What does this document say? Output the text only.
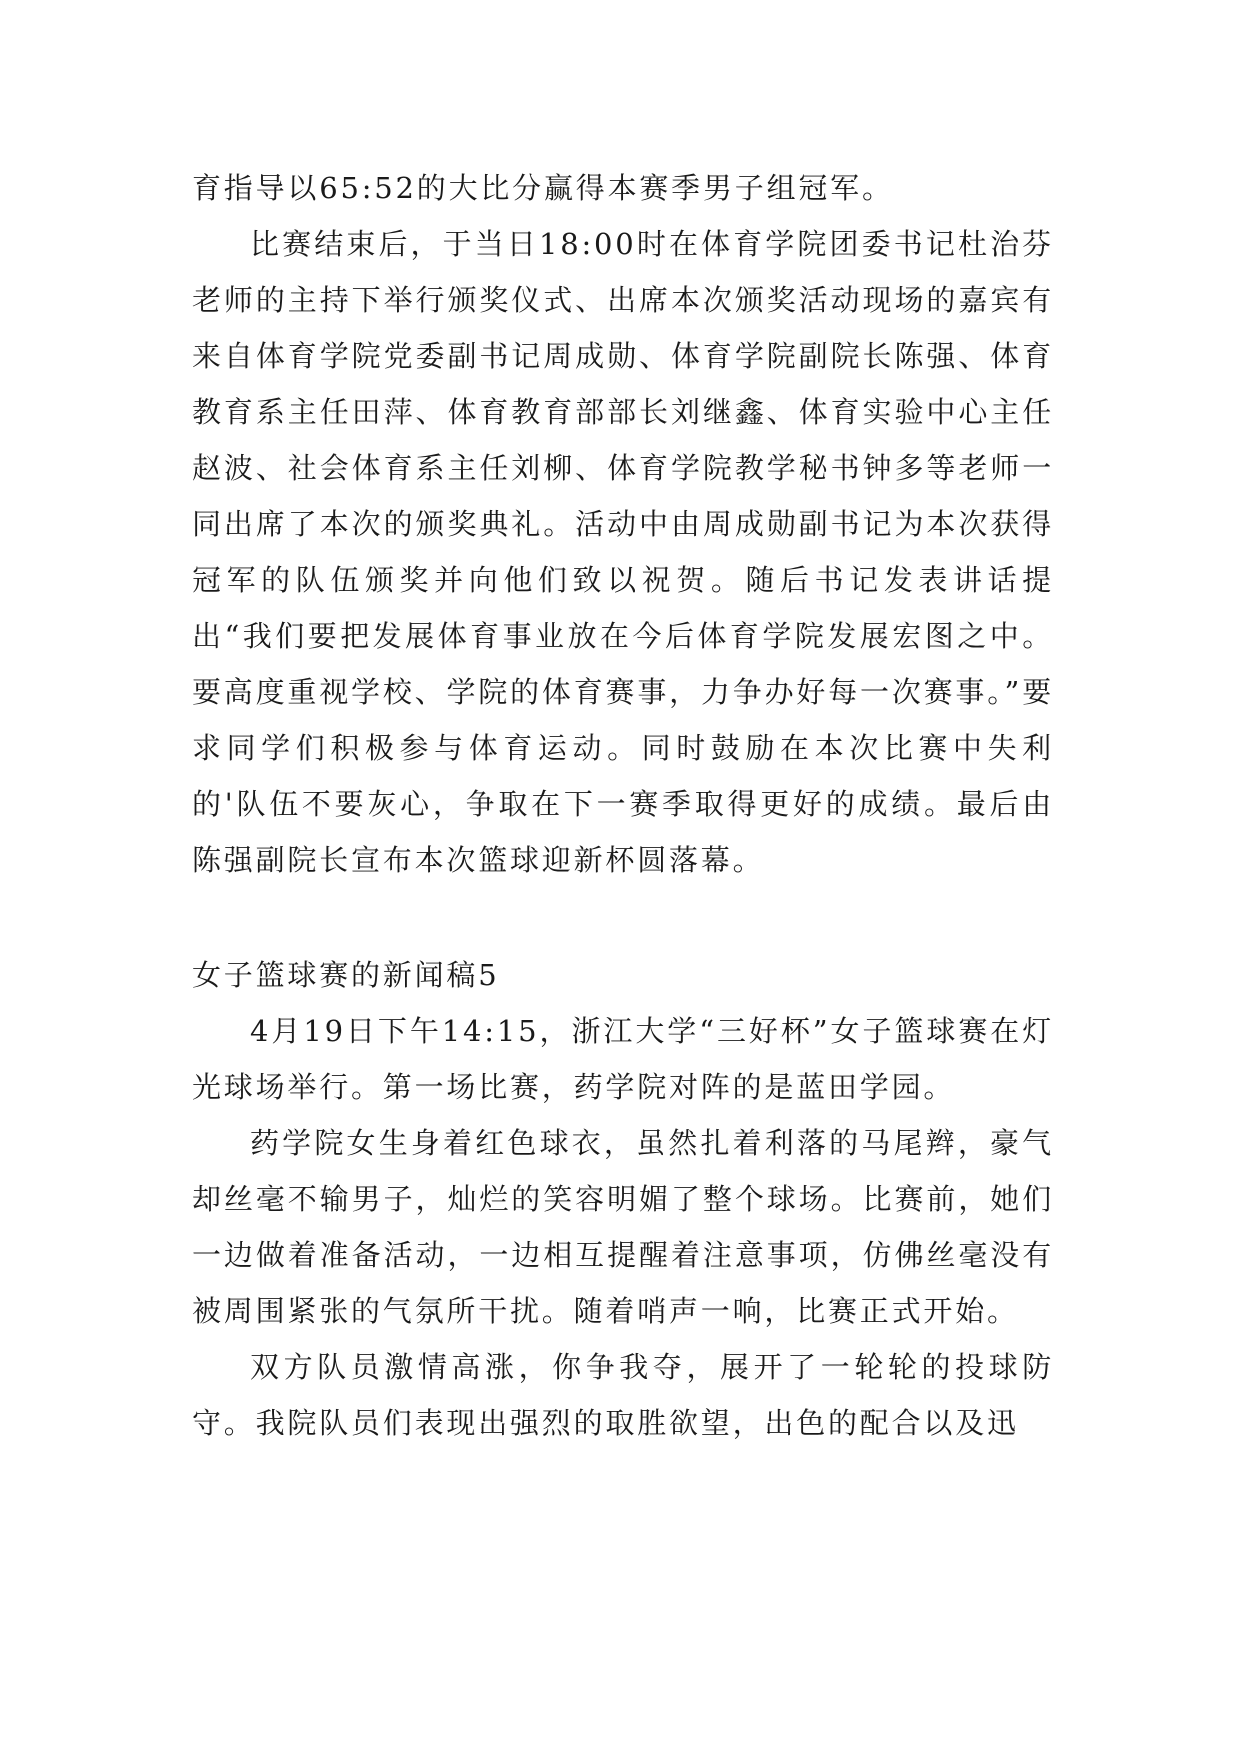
育指导以65:52的大比分赢得本赛季男子组冠军。

比赛结束后，于当日18:00时在体育学院团委书记杜治芬老师的主持下举行颁奖仪式、出席本次颁奖活动现场的嘉宾有来自体育学院党委副书记周成勋、体育学院副院长陈强、体育教育系主任田萍、体育教育部部长刘继鑫、体育实验中心主任赵波、社会体育系主任刘柳、体育学院教学秘书钟多等老师一同出席了本次的颁奖典礼。活动中由周成勋副书记为本次获得冠军的队伍颁奖并向他们致以祝贺。随后书记发表讲话提出“我们要把发展体育事业放在今后体育学院发展宏图之中。要高度重视学校、学院的体育赛事，力争办好每一次赛事。”要求同学们积极参与体育运动。同时鼓励在本次比赛中失利的'队伍不要灰心，争取在下一赛季取得更好的成绩。最后由陈强副院长宣布本次篮球迎新杯圆落幕。

女子篮球赛的新闻稿5

4月19日下午14:15，浙江大学“三好杯”女子篮球赛在灯光球场举行。第一场比赛，药学院对阵的是蓝田学园。

药学院女生身着红色球衣，虽然扎着利落的马尾辫，豪气却丝毫不输男子，灿烂的笑容明媚了整个球场。比赛前，她们一边做着准备活动，一边相互提醒着注意事项，仿佛丝毫没有被周围紧张的气氛所干扰。随着哨声一响，比赛正式开始。

双方队员激情高涨，你争我夺，展开了一轮轮的投球防守。我院队员们表现出强烈的取胜欲望，出色的配合以及迅
